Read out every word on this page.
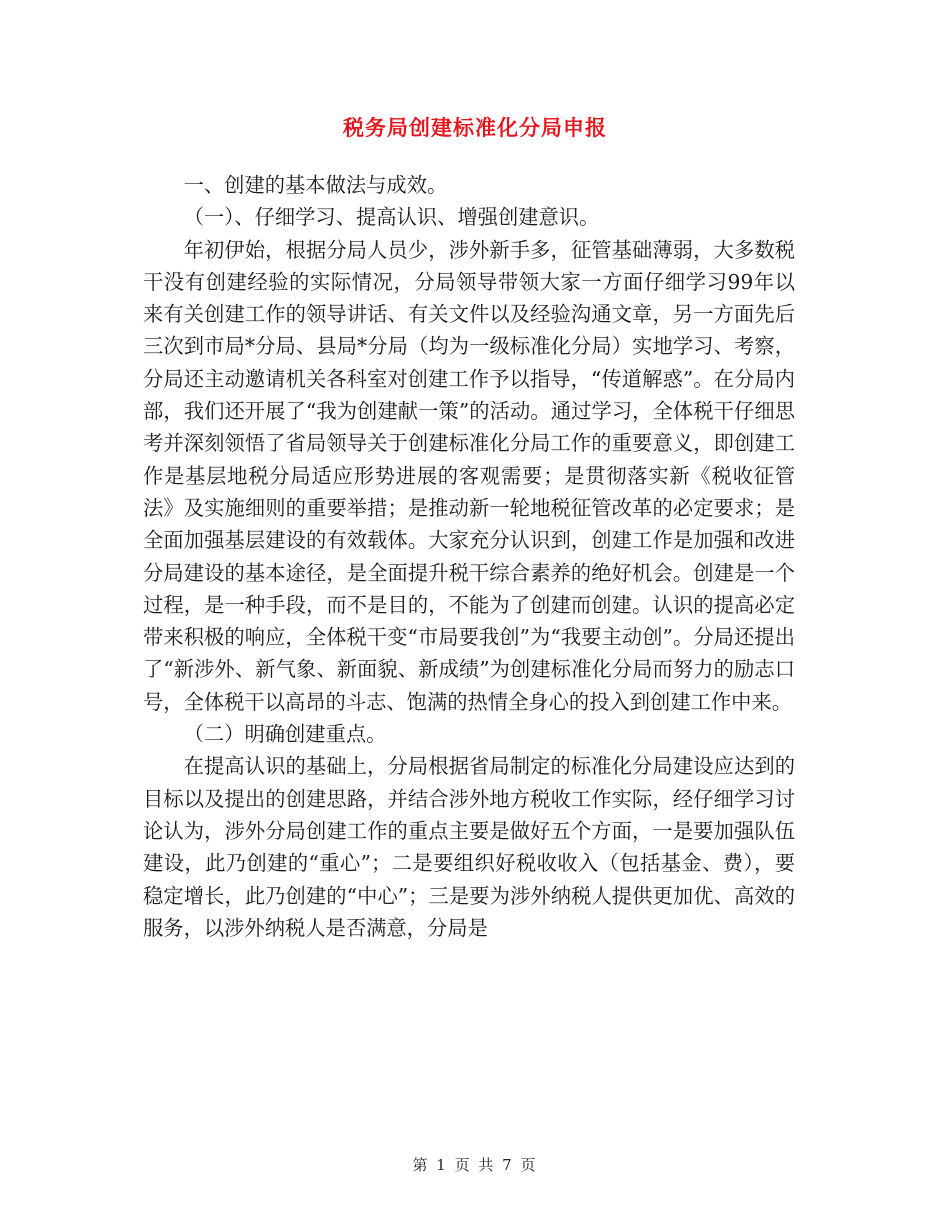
税务局创建标准化分局申报

一、创建的基本做法与成效。

（一）、仔细学习、提高认识、增强创建意识。

年初伊始，根据分局人员少，涉外新手多，征管基础薄弱，大多数税干没有创建经验的实际情况，分局领导带领大家一方面仔细学习99年以来有关创建工作的领导讲话、有关文件以及经验沟通文章，另一方面先后三次到市局*分局、县局*分局（均为一级标准化分局）实地学习、考察，分局还主动邀请机关各科室对创建工作予以指导，“传道解惑”。在分局内部，我们还开展了“我为创建献一策”的活动。通过学习，全体税干仔细思考并深刻领悟了省局领导关于创建标准化分局工作的重要意义，即创建工作是基层地税分局适应形势进展的客观需要；是贯彻落实新《税收征管法》及实施细则的重要举措；是推动新一轮地税征管改革的必定要求；是全面加强基层建设的有效载体。大家充分认识到，创建工作是加强和改进分局建设的基本途径，是全面提升税干综合素养的绝好机会。创建是一个过程，是一种手段，而不是目的，不能为了创建而创建。认识的提高必定带来积极的响应，全体税干变“市局要我创”为“我要主动创”。分局还提出了“新涉外、新气象、新面貌、新成绩”为创建标准化分局而努力的励志口号，全体税干以高昂的斗志、饱满的热情全身心的投入到创建工作中来。

（二）明确创建重点。

在提高认识的基础上，分局根据省局制定的标准化分局建设应达到的目标以及提出的创建思路，并结合涉外地方税收工作实际，经仔细学习讨论认为，涉外分局创建工作的重点主要是做好五个方面，一是要加强队伍建设，此乃创建的“重心”；二是要组织好税收收入（包括基金、费），要稳定增长，此乃创建的“中心”；三是要为涉外纳税人提供更加优、高效的服务，以涉外纳税人是否满意，分局是

第 1 页 共 7 页
